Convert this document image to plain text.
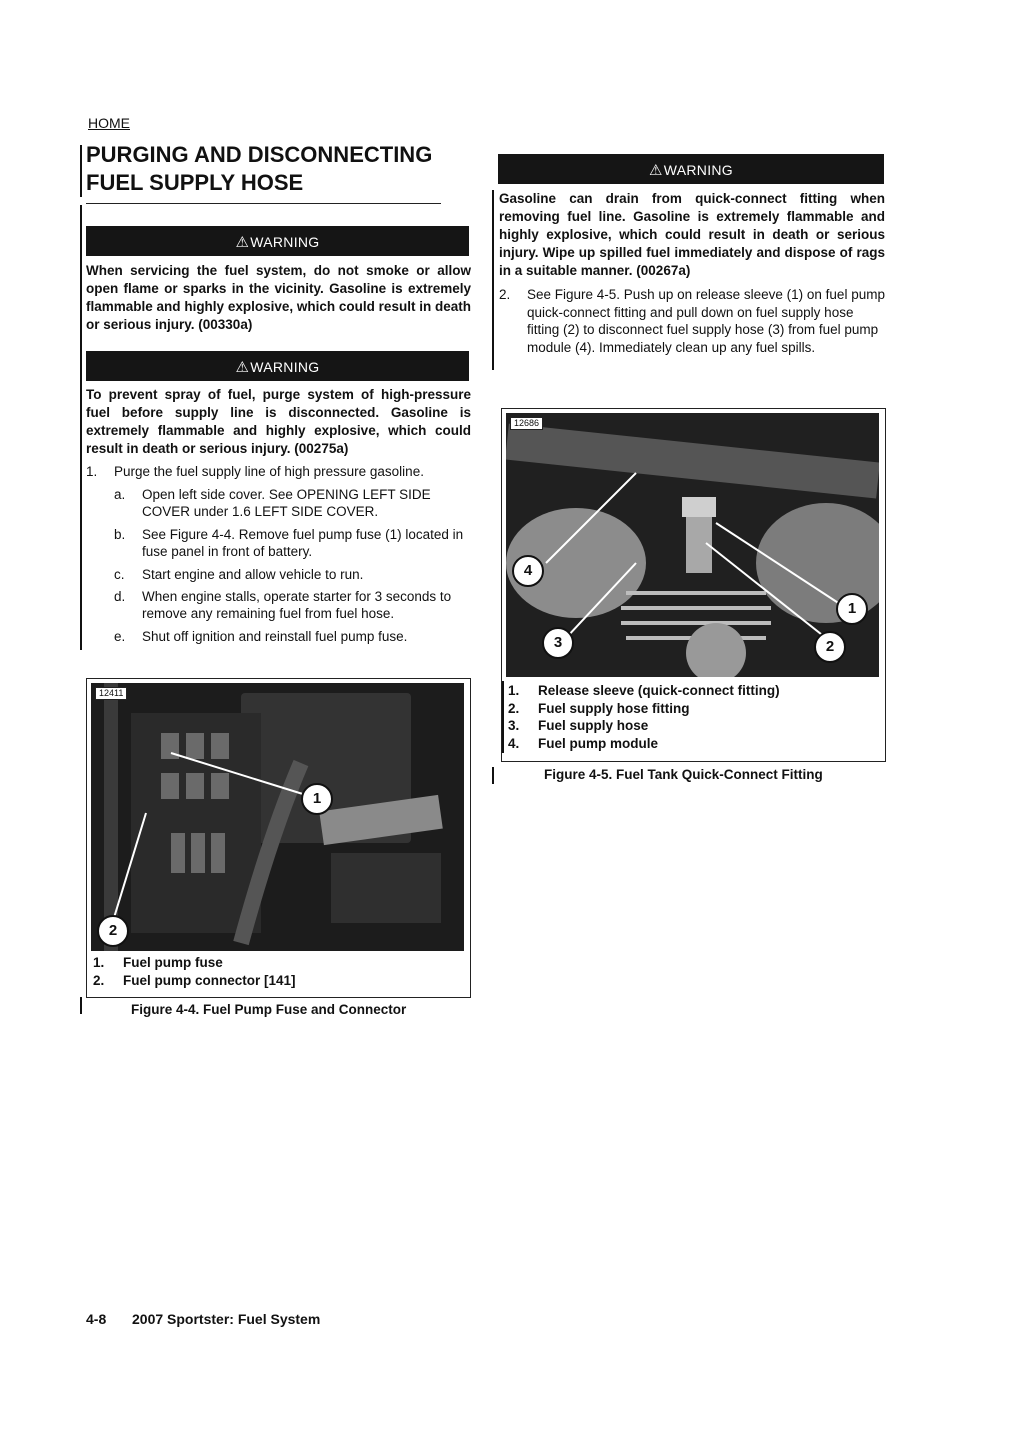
HOME
PURGING AND DISCONNECTING FUEL SUPPLY HOSE
⚠WARNING

When servicing the fuel system, do not smoke or allow open flame or sparks in the vicinity. Gasoline is extremely flammable and highly explosive, which could result in death or serious injury. (00330a)

⚠WARNING

To prevent spray of fuel, purge system of high-pressure fuel before supply line is disconnected. Gasoline is extremely flammable and highly explosive, which could result in death or serious injury. (00275a)

1. Purge the fuel supply line of high pressure gasoline.
a. Open left side cover. See OPENING LEFT SIDE COVER under 1.6 LEFT SIDE COVER.
b. See Figure 4-4. Remove fuel pump fuse (1) located in fuse panel in front of battery.
c. Start engine and allow vehicle to run.
d. When engine stalls, operate starter for 3 seconds to remove any remaining fuel from fuel hose.
e. Shut off ignition and reinstall fuel pump fuse.
12411
1
2
1. Fuel pump fuse
2. Fuel pump connector [141]
Figure 4-4. Fuel Pump Fuse and Connector
⚠WARNING

Gasoline can drain from quick-connect fitting when removing fuel line. Gasoline is extremely flammable and highly explosive, which could result in death or serious injury. Wipe up spilled fuel immediately and dispose of rags in a suitable manner. (00267a)

2. See Figure 4-5. Push up on release sleeve (1) on fuel pump quick-connect fitting and pull down on fuel supply hose fitting (2) to disconnect fuel supply hose (3) from fuel pump module (4). Immediately clean up any fuel spills.
12686
4
1
3	2
1. Release sleeve (quick-connect fitting)
2. Fuel supply hose fitting
3. Fuel supply hose
4. Fuel pump module
Figure 4-5. Fuel Tank Quick-Connect Fitting
4-8 2007 Sportster: Fuel System
